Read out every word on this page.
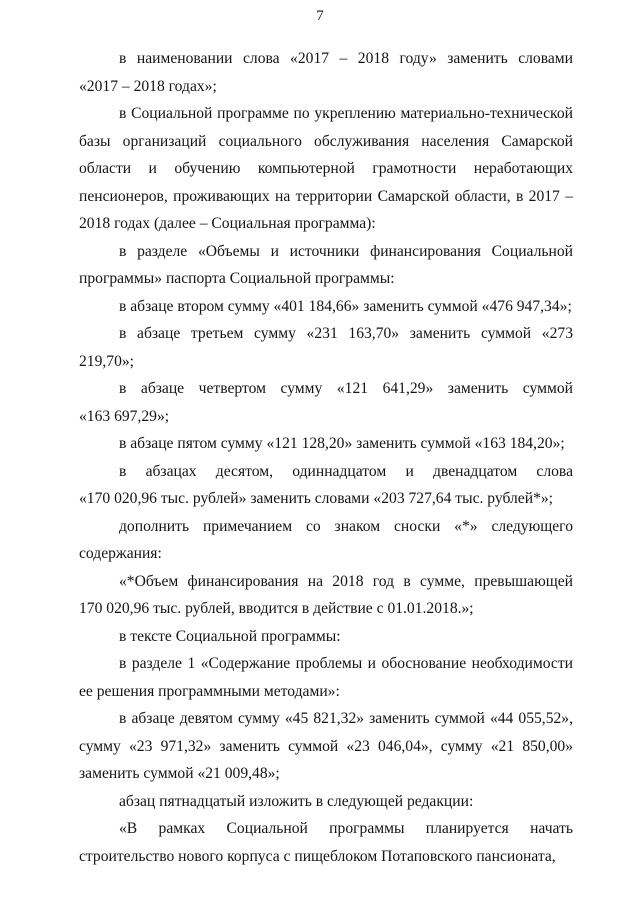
7

в наименовании слова «2017 – 2018 году» заменить словами
«2017 – 2018 годах»;

в Социальной программе по укреплению материально-технической
базы организаций социального обслуживания населения Самарской
области и обучению компьютерной грамотности неработающих
пенсионеров, проживающих на территории Самарской области, в 2017 –
2018 годах (далее – Социальная программа):

в разделе «Объемы и источники финансирования Социальной
программы» паспорта Социальной программы:

в абзаце втором сумму «401 184,66» заменить суммой «476 947,34»;

в абзаце третьем сумму «231 163,70» заменить суммой «273 219,70»;

в абзаце четвертом сумму «121 641,29» заменить суммой
«163 697,29»;

в абзаце пятом сумму «121 128,20» заменить суммой «163 184,20»;

в абзацах десятом, одиннадцатом и двенадцатом слова
«170 020,96 тыс. рублей» заменить словами «203 727,64 тыс. рублей*»;

дополнить примечанием со знаком сноски «*» следующего
содержания:

«*Объем финансирования на 2018 год в сумме, превышающей
170 020,96 тыс. рублей, вводится в действие с 01.01.2018.»;

в тексте Социальной программы:

в разделе 1 «Содержание проблемы и обоснование необходимости
ее решения программными методами»:

в абзаце девятом сумму «45 821,32» заменить суммой «44 055,52»,
сумму «23 971,32» заменить суммой «23 046,04», сумму «21 850,00»
заменить суммой «21 009,48»;

абзац пятнадцатый изложить в следующей редакции:

«В рамках Социальной программы планируется начать
строительство нового корпуса с пищеблоком Потаповского пансионата,
